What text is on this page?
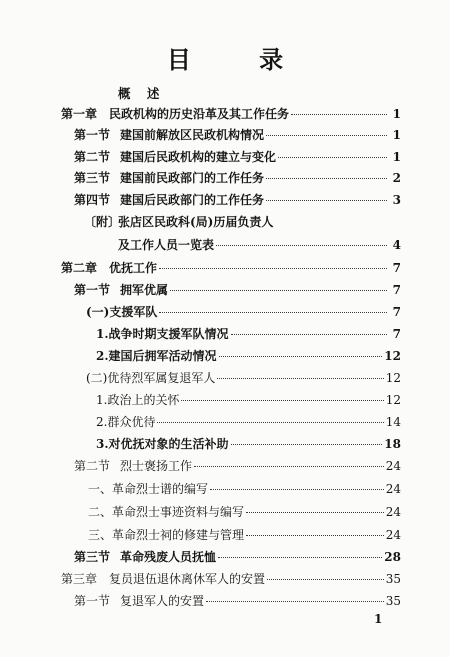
目 录
概 述
第一章 民政机构的历史沿革及其工作任务	1
第一节 建国前解放区民政机构情况	1
第二节 建国后民政机构的建立与变化	1
第三节 建国前民政部门的工作任务	2
第四节 建国后民政部门的工作任务	3
〔附〕
张店区民政科(局)历届负责人
及工作人员一览表	4
第二章 优抚工作	7
第一节 拥军优属	7
(一)支援军队	7
1.战争时期支援军队情况	7
2.建国后拥军活动情况	12
(二)优待烈军属复退军人	12
1.政治上的关怀	12
2.群众优待	14
3.对优抚对象的生活补助	18
第二节 烈士褒扬工作	24
一、革命烈士谱的编写	24
二、革命烈士事迹资料与编写	24
三、革命烈士祠的修建与管理	24
第三节 革命残废人员抚恤	28
第三章 复员退伍退休离休军人的安置	35
第一节 复退军人的安置	35
1
